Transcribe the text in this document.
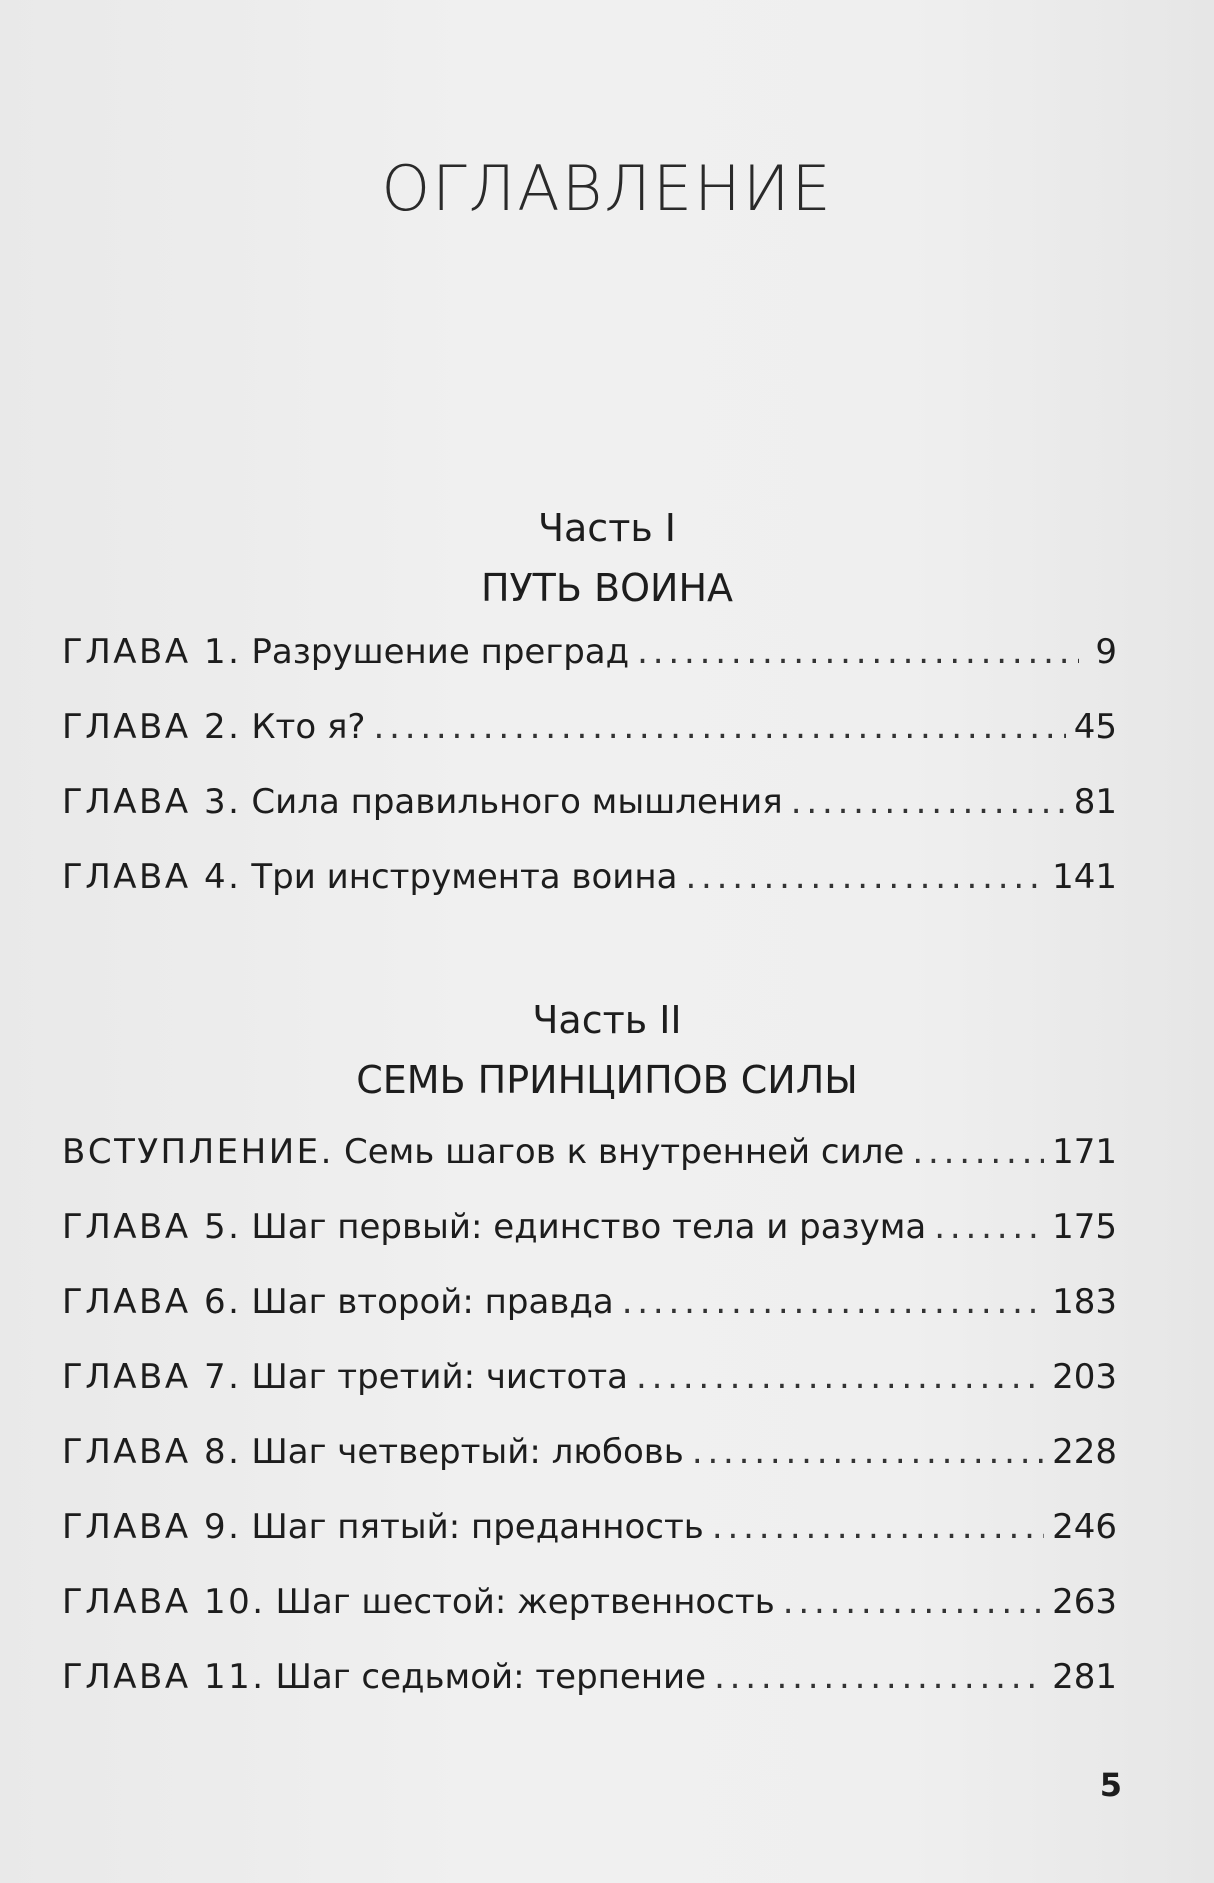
ОГЛАВЛЕНИЕ
Часть I
ПУТЬ ВОИНА
ГЛАВА 1. Разрушение преград . . .	9
ГЛАВА 2. Кто я? . . .	45
ГЛАВА 3. Сила правильного мышления . . .	81
ГЛАВА 4. Три инструмента воина . . .	141
Часть II
СЕМЬ ПРИНЦИПОВ СИЛЫ
ВСТУПЛЕНИЕ. Семь шагов к внутренней силе . . .	171
ГЛАВА 5. Шаг первый: единство тела и разума . . .	175
ГЛАВА 6. Шаг второй: правда . . .	183
ГЛАВА 7. Шаг третий: чистота . . .	203
ГЛАВА 8. Шаг четвертый: любовь . . .	228
ГЛАВА 9. Шаг пятый: преданность . . .	246
ГЛАВА 10. Шаг шестой: жертвенность . . .	263
ГЛАВА 11. Шаг седьмой: терпение . . .	281
5
